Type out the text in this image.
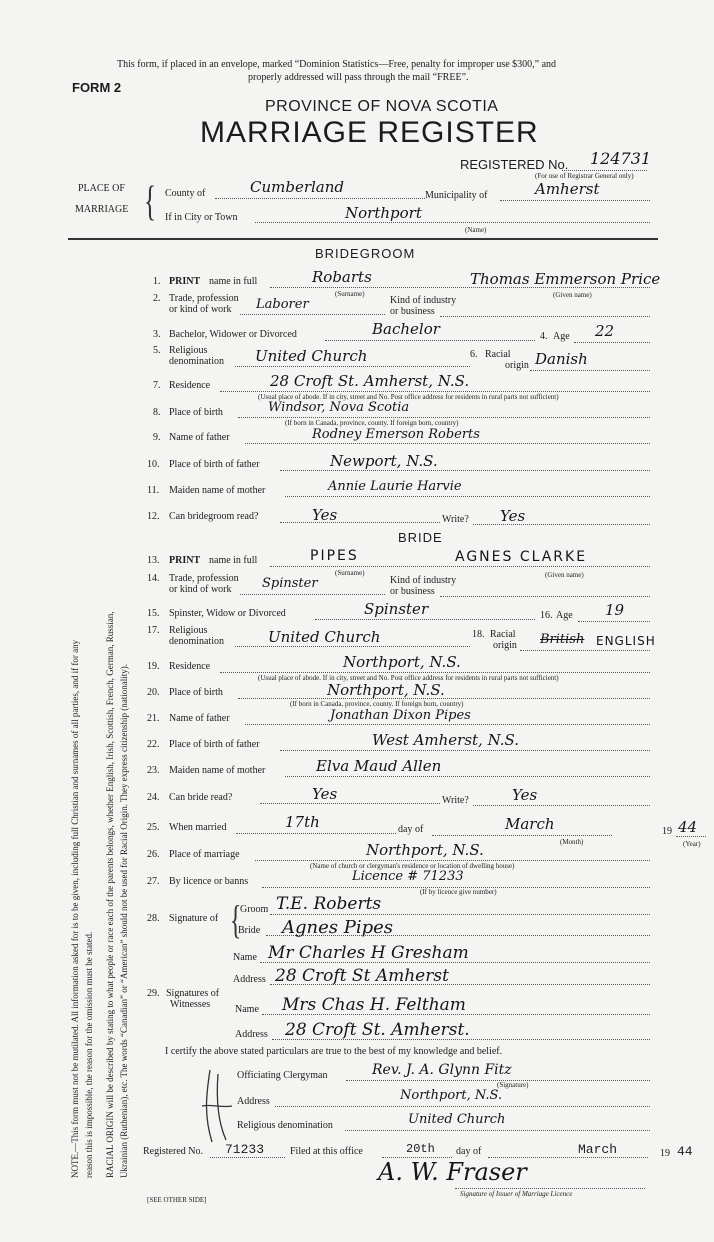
This form, if placed in an envelope, marked “Dominion Statistics—Free, penalty for improper use $300,” and
properly addressed will pass through the mail “FREE”.
FORM 2
PROVINCE OF NOVA SCOTIA
MARRIAGE REGISTER
REGISTERED No. 124731
(For use of Registrar General only)
PLACE OF
MARRIAGE { County of	Cumberland	Municipality of	Amherst
If in City or Town	Northport
(Name)
BRIDEGROOM
1. PRINT name in full	Robarts	Thomas Emmerson Price
(Surname)	(Given name)
2. Trade, profession
or kind of work Laborer	Kind of industry
or business
3. Bachelor, Widower or Divorced	Bachelor	4. Age 22
5. Religious
denomination United Church	6. Racial
origin Danish
7. Residence	28 Croft St. Amherst, N.S.
(Usual place of abode. If in city, street and No. Post office address for residents in rural parts not sufficient)
8. Place of birth	Windsor, Nova Scotia
(If born in Canada, province, county. If foreign born, country)
9. Name of father	Rodney Emerson Roberts
10. Place of birth of father	Newport, N.S.
11. Maiden name of mother	Annie Laurie Harvie
12. Can bridegroom read?	Yes	Write? Yes
BRIDE
13. PRINT name in full	PIPES	AGNES CLARKE
(Surname)	(Given name)
14. Trade, profession
or kind of work Spinster	Kind of industry
or business
15. Spinster, Widow or Divorced	Spinster	16. Age 19
17. Religious
denomination	United Church	18. Racial
origin British ENGLISH
19. Residence	Northport, N.S.
(Usual place of abode. If in city, street and No. Post office address for residents in rural parts not sufficient)
20. Place of birth	Northport, N.S.
(If born in Canada, province, county. If foreign born, country)
21. Name of father	Jonathan Dixon Pipes
22. Place of birth of father	West Amherst, N.S.
23. Maiden name of mother	Elva Maud Allen
24. Can bride read?	Yes	Write?	Yes
25. When married	17th	day of	March
(Month)
19 44
(Year)
26. Place of marriage	Northport, N.S.
(Name of church or clergyman's residence or location of dwelling house)
27. By licence or banns	Licence # 71233
(If by licence give number)
28. Signature of {
Groom T.E. Roberts
Bride Agnes Pipes
Name Mr Charles H Gresham
Address 28 Croft St Amherst
29. Signatures of
Witnesses Name Mrs Chas H. Feltham
Address 28 Croft St. Amherst.
I certify the above stated particulars are true to the best of my knowledge and belief.
Officiating Clergyman	Rev. J. A. Glynn Fitz
(Signature)
Address	Northport, N.S.
Religious denomination	United Church
Registered No. 71233	Filed at this office	20th day of	March	19 44
A. W. Fraser
Signature of Issuer of Marriage Licence
[SEE OTHER SIDE]
NOTE.—This form must not be mutilated. All information asked for is to be given, including full Christian and surnames of all parties, and if for any reason this is impossible, the reason for the omission must be stated. RACIAL ORIGIN will be described by stating to what people or race each of the parents belongs, whether English, Irish, Scottish, French, German, Russian, Ukrainian (Ruthenian), etc. The words “Canadian” or “American” should not be used for Racial Origin. They express citizenship (nationality).
